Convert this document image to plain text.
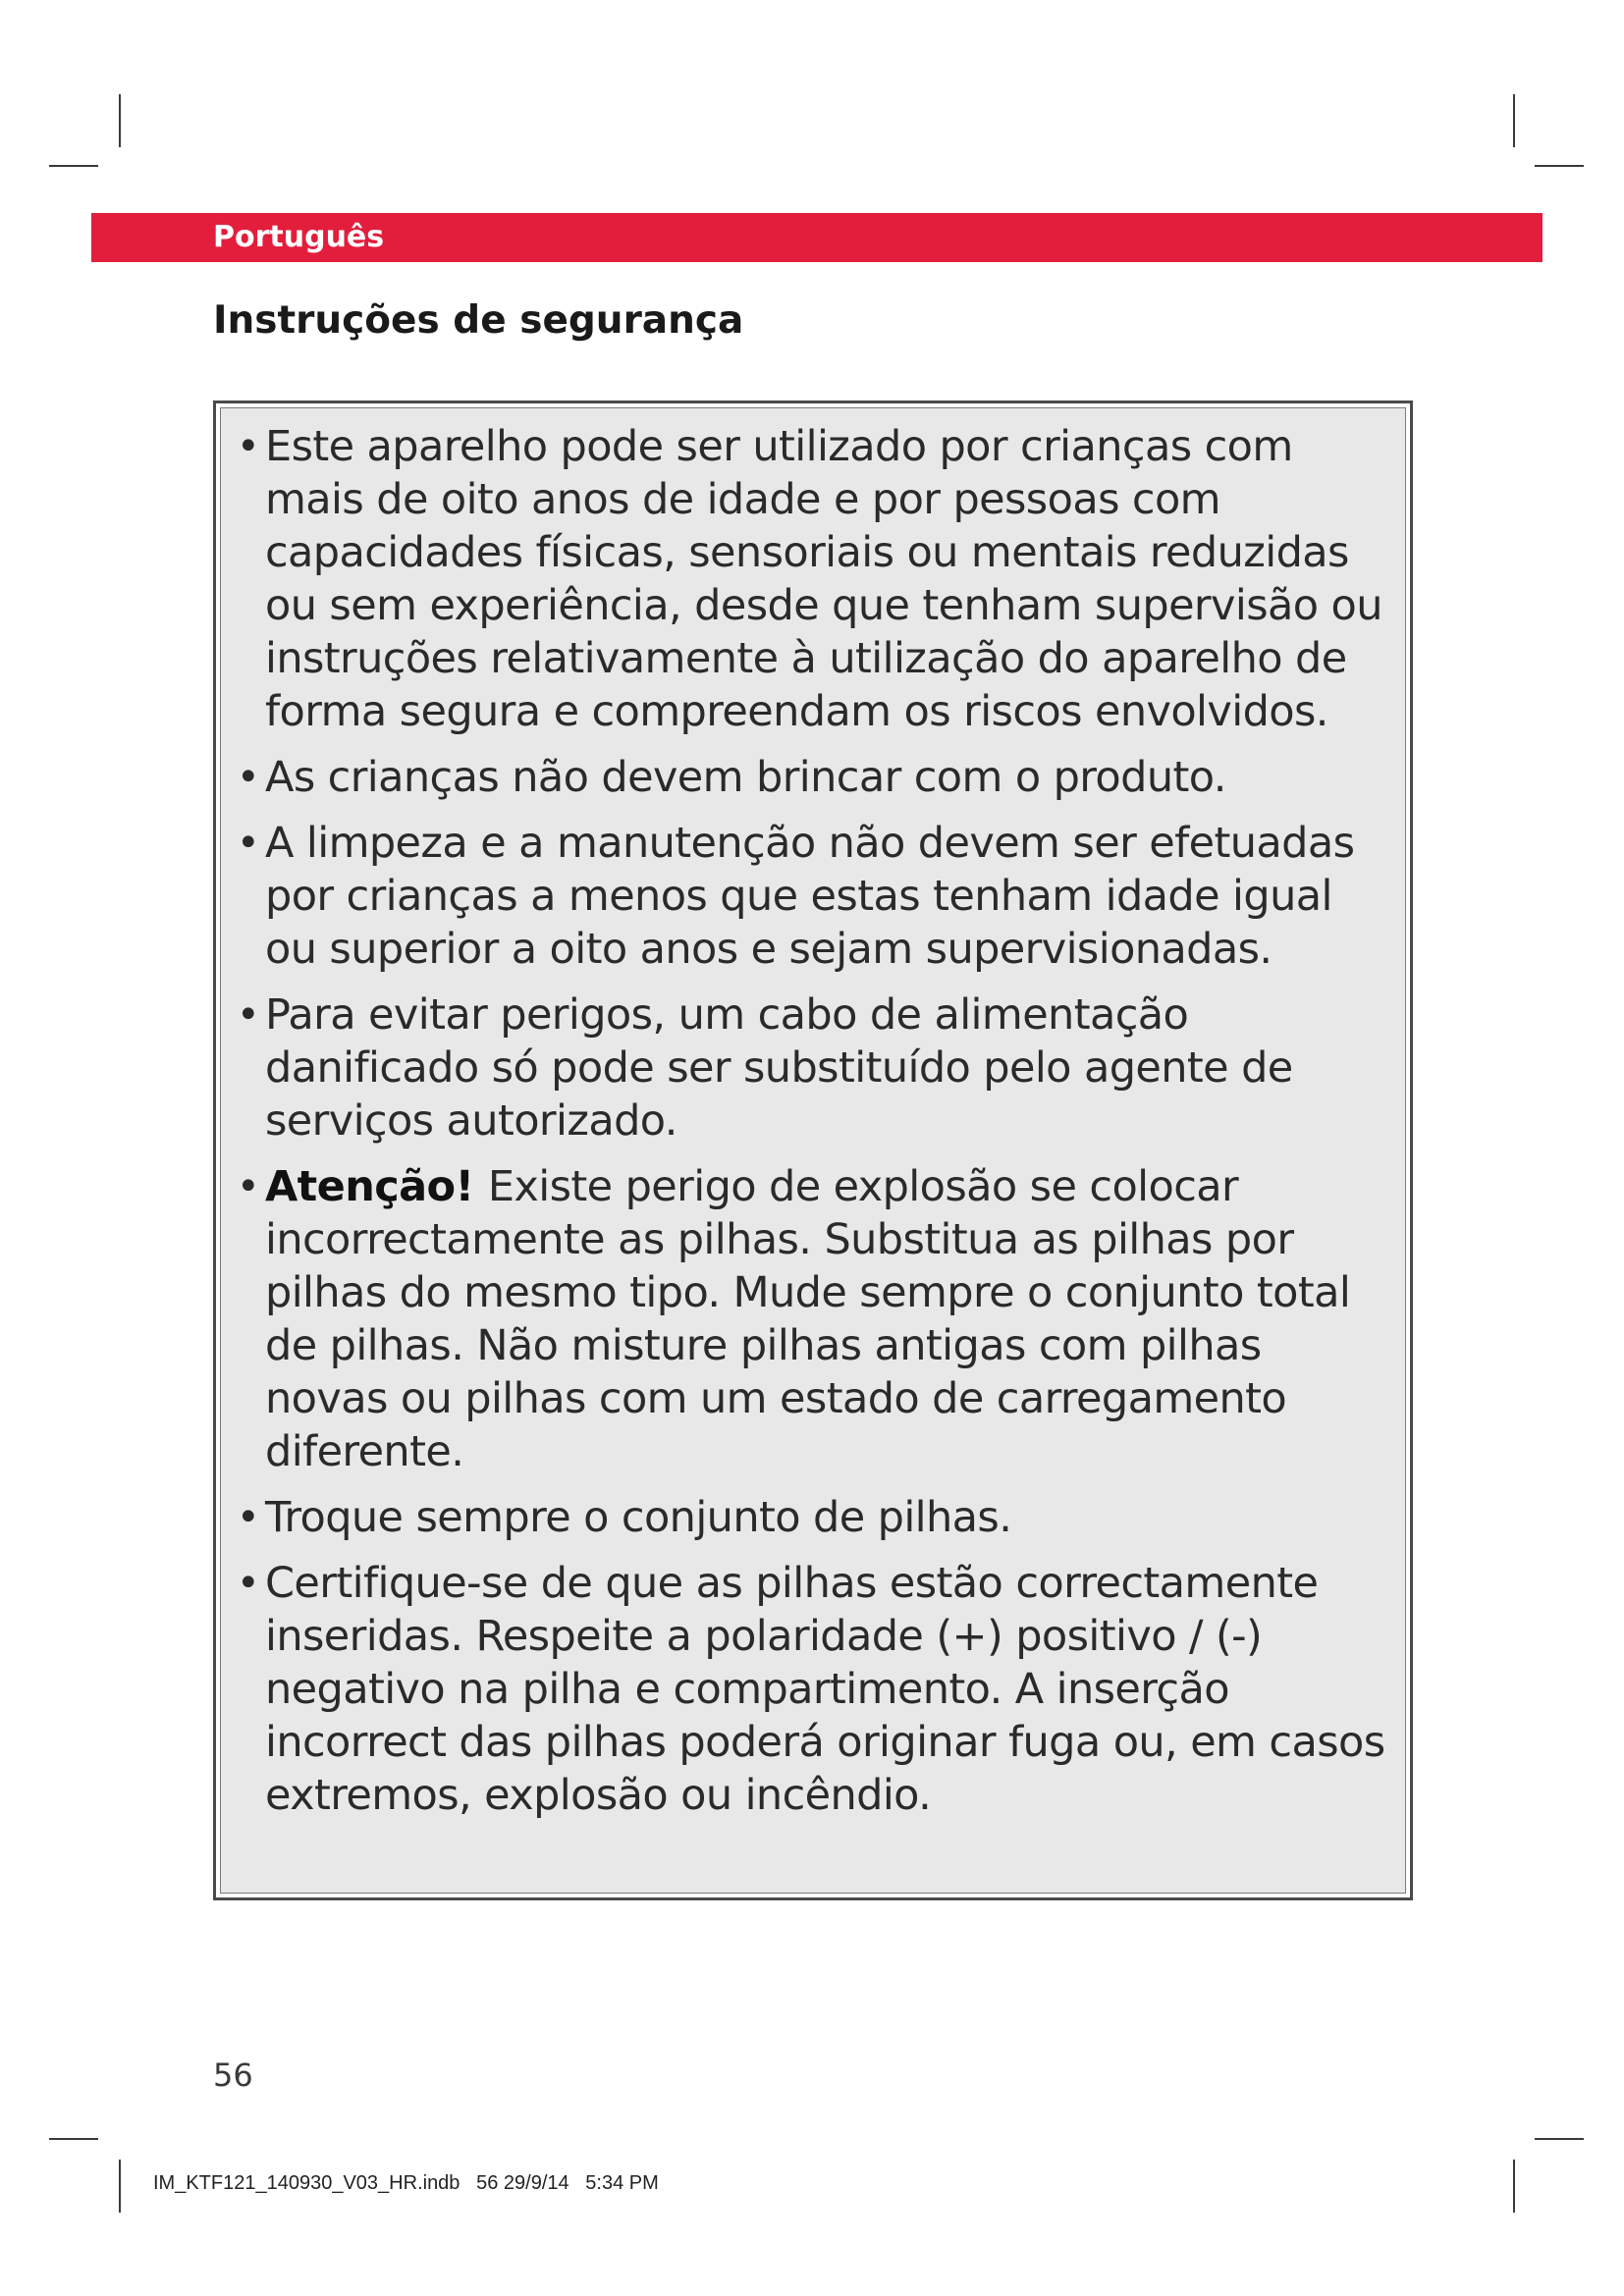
Português
Instruções de segurança
• Este aparelho pode ser utilizado por crianças com mais de oito anos de idade e por pessoas com capacidades físicas, sensoriais ou mentais reduzidas ou sem experiência, desde que tenham supervisão ou instruções relativamente à utilização do aparelho de forma segura e compreendam os riscos envolvidos.
• As crianças não devem brincar com o produto.
• A limpeza e a manutenção não devem ser efetuadas por crianças a menos que estas tenham idade igual ou superior a oito anos e sejam supervisionadas.
• Para evitar perigos, um cabo de alimentação danificado só pode ser substituído pelo agente de serviços autorizado.
• Atenção! Existe perigo de explosão se colocar incorrectamente as pilhas. Substitua as pilhas por pilhas do mesmo tipo. Mude sempre o conjunto total de pilhas. Não misture pilhas antigas com pilhas novas ou pilhas com um estado de carregamento diferente.
• Troque sempre o conjunto de pilhas.
• Certifique-se de que as pilhas estão correctamente inseridas. Respeite a polaridade (+) positivo / (-) negativo na pilha e compartimento. A inserção incorrect das pilhas poderá originar fuga ou, em casos extremos, explosão ou incêndio.
56
IM_KTF121_140930_V03_HR.indb   56 29/9/14   5:34 PM
